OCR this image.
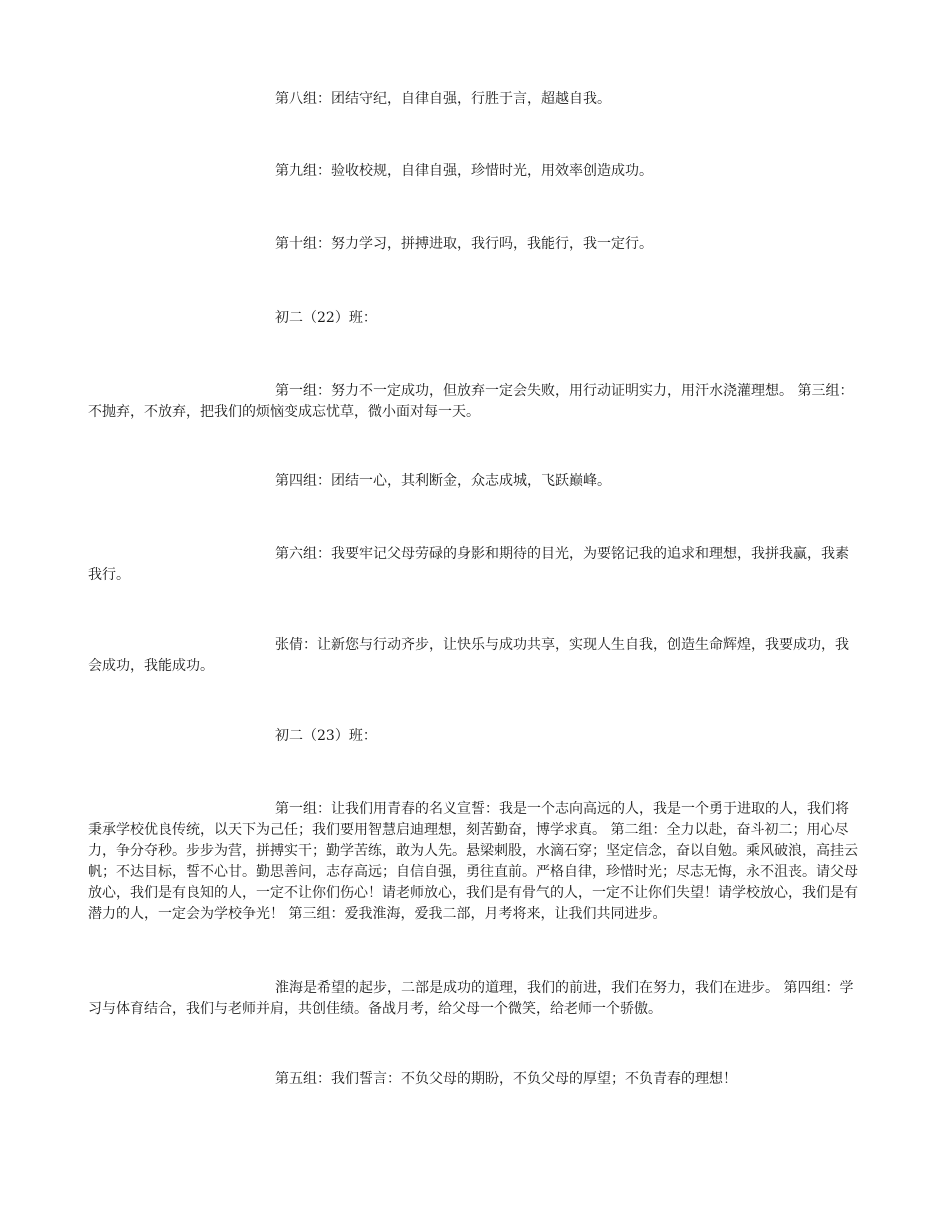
第八组：团结守纪，自律自强，行胜于言，超越自我。

第九组：验收校规，自律自强，珍惜时光，用效率创造成功。

第十组：努力学习，拼搏进取，我行吗，我能行，我一定行。

初二（22）班：

第一组：努力不一定成功，但放弃一定会失败，用行动证明实力，用汗水浇灌理想。 第三组：不抛弃，不放弃，把我们的烦恼变成忘忧草，微小面对每一天。

第四组：团结一心，其利断金，众志成城，飞跃巅峰。

第六组：我要牢记父母劳碌的身影和期待的目光，为要铭记我的追求和理想，我拼我赢，我素我行。

张倩：让新您与行动齐步，让快乐与成功共享，实现人生自我，创造生命辉煌，我要成功，我会成功，我能成功。

初二（23）班：

第一组：让我们用青春的名义宣誓：我是一个志向高远的人，我是一个勇于进取的人，我们将秉承学校优良传统，以天下为己任；我们要用智慧启迪理想，刻苦勤奋，博学求真。 第二组：全力以赴，奋斗初二；用心尽力，争分夺秒。步步为营，拼搏实干；勤学苦练，敢为人先。悬梁刺股，水滴石穿；坚定信念，奋以自勉。乘风破浪，高挂云帆；不达目标，誓不心甘。勤思善问，志存高远；自信自强，勇往直前。严格自律，珍惜时光；尽志无悔，永不沮丧。请父母放心，我们是有良知的人，一定不让你们伤心！请老师放心，我们是有骨气的人，一定不让你们失望！请学校放心，我们是有潜力的人，一定会为学校争光！ 第三组：爱我淮海，爱我二部，月考将来，让我们共同进步。

淮海是希望的起步，二部是成功的道理，我们的前进，我们在努力，我们在进步。 第四组：学习与体育结合，我们与老师并肩，共创佳绩。备战月考，给父母一个微笑，给老师一个骄傲。

第五组：我们誓言：不负父母的期盼，不负父母的厚望；不负青春的理想！
